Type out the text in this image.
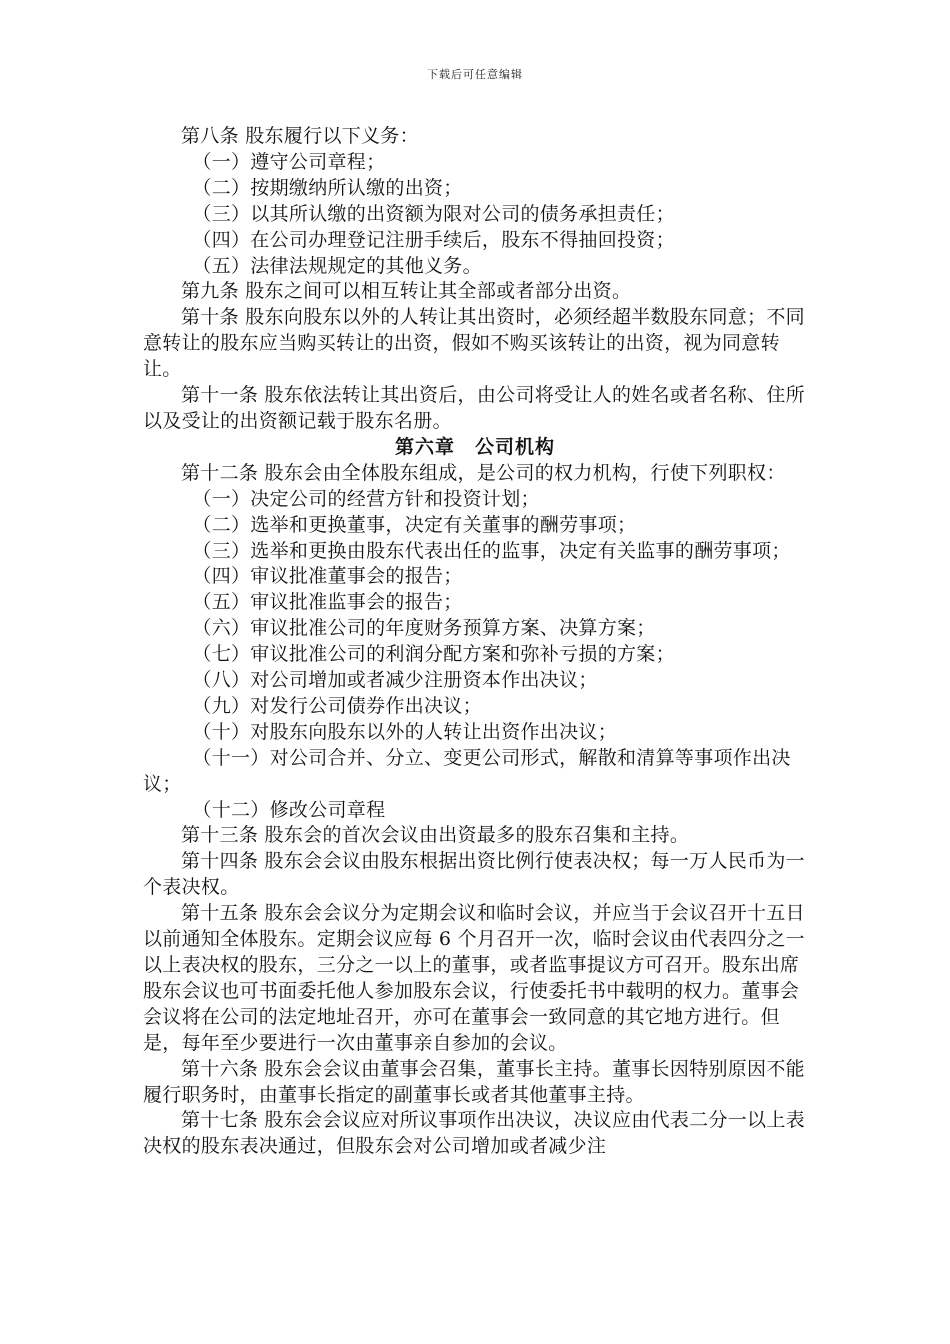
下载后可任意编辑

第八条 股东履行以下义务：

（一）遵守公司章程；

（二）按期缴纳所认缴的出资；

（三）以其所认缴的出资额为限对公司的债务承担责任；

（四）在公司办理登记注册手续后，股东不得抽回投资；

（五）法律法规规定的其他义务。

第九条 股东之间可以相互转让其全部或者部分出资。

第十条 股东向股东以外的人转让其出资时，必须经超半数股东同意；不同意转让的股东应当购买转让的出资，假如不购买该转让的出资，视为同意转让。

第十一条 股东依法转让其出资后，由公司将受让人的姓名或者名称、住所以及受让的出资额记载于股东名册。

第六章　公司机构

第十二条 股东会由全体股东组成，是公司的权力机构，行使下列职权：

（一）决定公司的经营方针和投资计划；

（二）选举和更换董事，决定有关董事的酬劳事项；

（三）选举和更换由股东代表出任的监事，决定有关监事的酬劳事项；

（四）审议批准董事会的报告；

（五）审议批准监事会的报告；

（六）审议批准公司的年度财务预算方案、决算方案；

（七）审议批准公司的利润分配方案和弥补亏损的方案；

（八）对公司增加或者减少注册资本作出决议；

（九）对发行公司债券作出决议；

（十）对股东向股东以外的人转让出资作出决议；

（十一）对公司合并、分立、变更公司形式，解散和清算等事项作出决议；

（十二）修改公司章程

第十三条 股东会的首次会议由出资最多的股东召集和主持。

第十四条 股东会会议由股东根据出资比例行使表决权；每一万人民币为一个表决权。

第十五条 股东会会议分为定期会议和临时会议，并应当于会议召开十五日以前通知全体股东。定期会议应每 6 个月召开一次，临时会议由代表四分之一以上表决权的股东，三分之一以上的董事，或者监事提议方可召开。股东出席股东会议也可书面委托他人参加股东会议，行使委托书中载明的权力。董事会会议将在公司的法定地址召开，亦可在董事会一致同意的其它地方进行。但是，每年至少要进行一次由董事亲自参加的会议。

第十六条 股东会会议由董事会召集，董事长主持。董事长因特别原因不能履行职务时，由董事长指定的副董事长或者其他董事主持。

第十七条 股东会会议应对所议事项作出决议，决议应由代表二分一以上表决权的股东表决通过，但股东会对公司增加或者减少注
